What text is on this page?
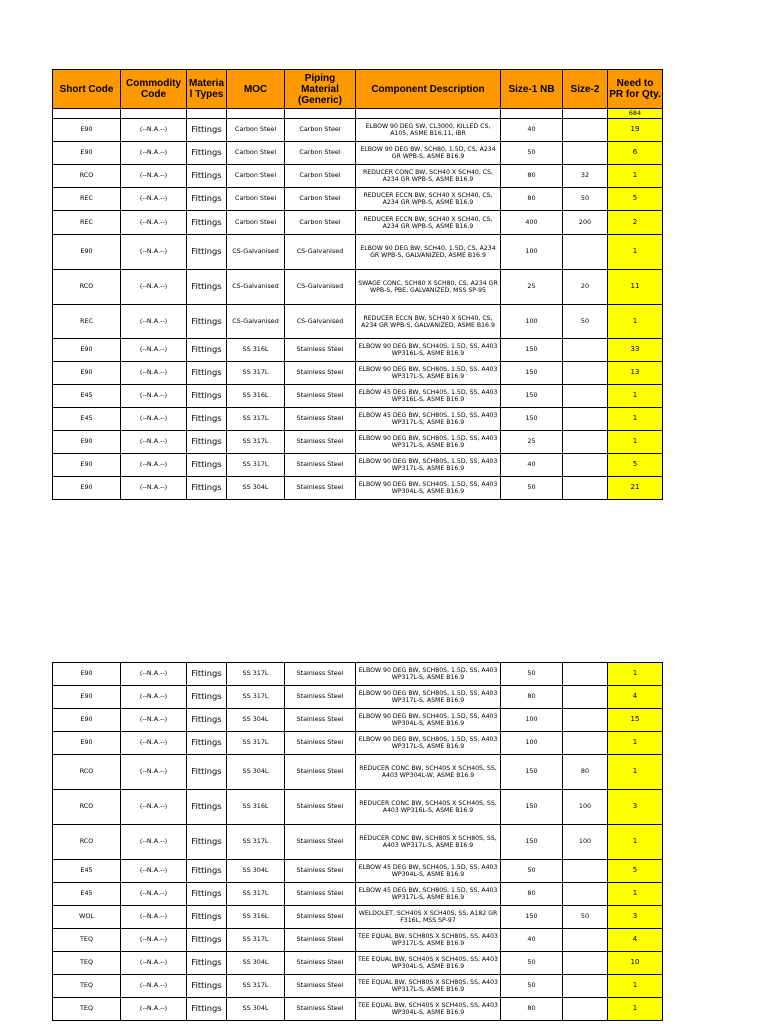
Short Code	Commodity Code	Materia l Types	MOC	Piping Material (Generic)	Component Description	Size-1 NB	Size-2	Need to PR for Qty.
								684
E90	(--N.A.--)	Fittings	Carbon Steel	Carbon Steel	ELBOW 90 DEG SW, CL3000, KILLED CS, A105, ASME B16.11, IBR	40		19
E90	(--N.A.--)	Fittings	Carbon Steel	Carbon Steel	ELBOW 90 DEG BW, SCH80, 1.5D, CS, A234 GR WPB-S, ASME B16.9	50		6
RCO	(--N.A.--)	Fittings	Carbon Steel	Carbon Steel	REDUCER CONC BW, SCH40 X SCH40, CS, A234 GR WPB-S, ASME B16.9	80	32	1
REC	(--N.A.--)	Fittings	Carbon Steel	Carbon Steel	REDUCER ECCN BW, SCH40 X SCH40, CS, A234 GR WPB-S, ASME B16.9	80	50	5
REC	(--N.A.--)	Fittings	Carbon Steel	Carbon Steel	REDUCER ECCN BW, SCH40 X SCH40, CS, A234 GR WPB-S, ASME B16.9	400	200	2
E90	(--N.A.--)	Fittings	CS-Galvanised	CS-Galvanised	ELBOW 90 DEG BW, SCH40, 1.5D, CS, A234 GR WPB-S, GALVANIZED, ASME B16.9	100		1
RCO	(--N.A.--)	Fittings	CS-Galvanised	CS-Galvanised	SWAGE CONC, SCH80 X SCH80, CS, A234 GR WPB-S, PBE, GALVANIZED, MSS SP-95	25	20	11
REC	(--N.A.--)	Fittings	CS-Galvanised	CS-Galvanised	REDUCER ECCN BW, SCH40 X SCH40, CS, A234 GR WPB-S, GALVANIZED, ASME B16.9	100	50	1
E90	(--N.A.--)	Fittings	SS 316L	Stainless Steel	ELBOW 90 DEG BW, SCH40S, 1.5D, SS, A403 WP316L-S, ASME B16.9	150		33
E90	(--N.A.--)	Fittings	SS 317L	Stainless Steel	ELBOW 90 DEG BW, SCH80S, 1.5D, SS, A403 WP317L-S, ASME B16.9	150		13
E45	(--N.A.--)	Fittings	SS 316L	Stainless Steel	ELBOW 45 DEG BW, SCH40S, 1.5D, SS, A403 WP316L-S, ASME B16.9	150		1
E45	(--N.A.--)	Fittings	SS 317L	Stainless Steel	ELBOW 45 DEG BW, SCH80S, 1.5D, SS, A403 WP317L-S, ASME B16.9	150		1
E90	(--N.A.--)	Fittings	SS 317L	Stainless Steel	ELBOW 90 DEG BW, SCH80S, 1.5D, SS, A403 WP317L-S, ASME B16.9	25		1
E90	(--N.A.--)	Fittings	SS 317L	Stainless Steel	ELBOW 90 DEG BW, SCH80S, 1.5D, SS, A403 WP317L-S, ASME B16.9	40		5
E90	(--N.A.--)	Fittings	SS 304L	Stainless Steel	ELBOW 90 DEG BW, SCH40S, 1.5D, SS, A403 WP304L-S, ASME B16.9	50		21
E90	(--N.A.--)	Fittings	SS 317L	Stainless Steel	ELBOW 90 DEG BW, SCH80S, 1.5D, SS, A403 WP317L-S, ASME B16.9	50		1
E90	(--N.A.--)	Fittings	SS 317L	Stainless Steel	ELBOW 90 DEG BW, SCH80S, 1.5D, SS, A403 WP317L-S, ASME B16.9	80		4
E90	(--N.A.--)	Fittings	SS 304L	Stainless Steel	ELBOW 90 DEG BW, SCH40S, 1.5D, SS, A403 WP304L-S, ASME B16.9	100		15
E90	(--N.A.--)	Fittings	SS 317L	Stainless Steel	ELBOW 90 DEG BW, SCH80S, 1.5D, SS, A403 WP317L-S, ASME B16.9	100		1
RCO	(--N.A.--)	Fittings	SS 304L	Stainless Steel	REDUCER CONC BW, SCH40S X SCH40S, SS, A403 WP304L-W, ASME B16.9	150	80	1
RCO	(--N.A.--)	Fittings	SS 316L	Stainless Steel	REDUCER CONC BW, SCH40S X SCH40S, SS, A403 WP316L-S, ASME B16.9	150	100	3
RCO	(--N.A.--)	Fittings	SS 317L	Stainless Steel	REDUCER CONC BW, SCH80S X SCH80S, SS, A403 WP317L-S, ASME B16.9	150	100	1
E45	(--N.A.--)	Fittings	SS 304L	Stainless Steel	ELBOW 45 DEG BW, SCH40S, 1.5D, SS, A403 WP304L-S, ASME B16.9	50		5
E45	(--N.A.--)	Fittings	SS 317L	Stainless Steel	ELBOW 45 DEG BW, SCH80S, 1.5D, SS, A403 WP317L-S, ASME B16.9	80		1
WOL	(--N.A.--)	Fittings	SS 316L	Stainless Steel	WELDOLET, SCH40S X SCH40S, SS, A182 GR F316L, MSS SP-97	150	50	3
TEQ	(--N.A.--)	Fittings	SS 317L	Stainless Steel	TEE EQUAL BW, SCH80S X SCH80S, SS, A403 WP317L-S, ASME B16.9	40		4
TEQ	(--N.A.--)	Fittings	SS 304L	Stainless Steel	TEE EQUAL BW, SCH40S X SCH40S, SS, A403 WP304L-S, ASME B16.9	50		10
TEQ	(--N.A.--)	Fittings	SS 317L	Stainless Steel	TEE EQUAL BW, SCH80S X SCH80S, SS, A403 WP317L-S, ASME B16.9	50		1
TEQ	(--N.A.--)	Fittings	SS 304L	Stainless Steel	TEE EQUAL BW, SCH40S X SCH40S, SS, A403 WP304L-S, ASME B16.9	80		1
